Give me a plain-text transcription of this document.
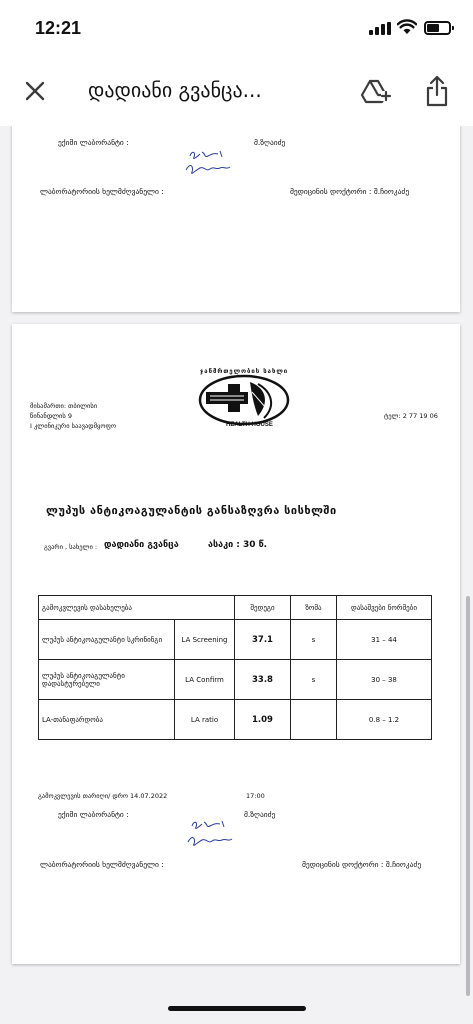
12:21
დადიანი გვანცა...
ექიმი ლაბორანტი :	მ.ზღაიძე
ლაბორატორიის ხელმძღვანელი :	მედიცინის დოქტორი : შ.ჩიოკაძე
მისამართი: თბილისი
წინანდლის 9
I კლინიკური საავადმყოფო
ჯანმრთელობის სახლი
HEALTH HOUSE
ტელ: 2 77 19 06
ლუპუს ანტიკოაგულანტის განსაზღვრა სისხლში
გვარი , სახელი : დადიანი გვანცა	ასაკი : 30 წ.
გამოკვლევის დასახელება		შედეგი	ზომა	დასაშვები ნორმები
ლუპუს ანტიკოაგულანტი სკრინინგი	LA Screening	37.1	s	31 – 44
ლუპუს ანტიკოაგულანტი დადასტურებელი	LA Confirm	33.8	s	30 – 38
LA-თანაფარდობა	LA ratio	1.09		0.8 – 1.2
გამოკვლევის თარიღი/ დრო 14.07.2022	17:00
ექიმი ლაბორანტი :	მ.ზღაიძე
ლაბორატორიის ხელმძღვანელი :	მედიცინის დოქტორი : შ.ჩიოკაძე
